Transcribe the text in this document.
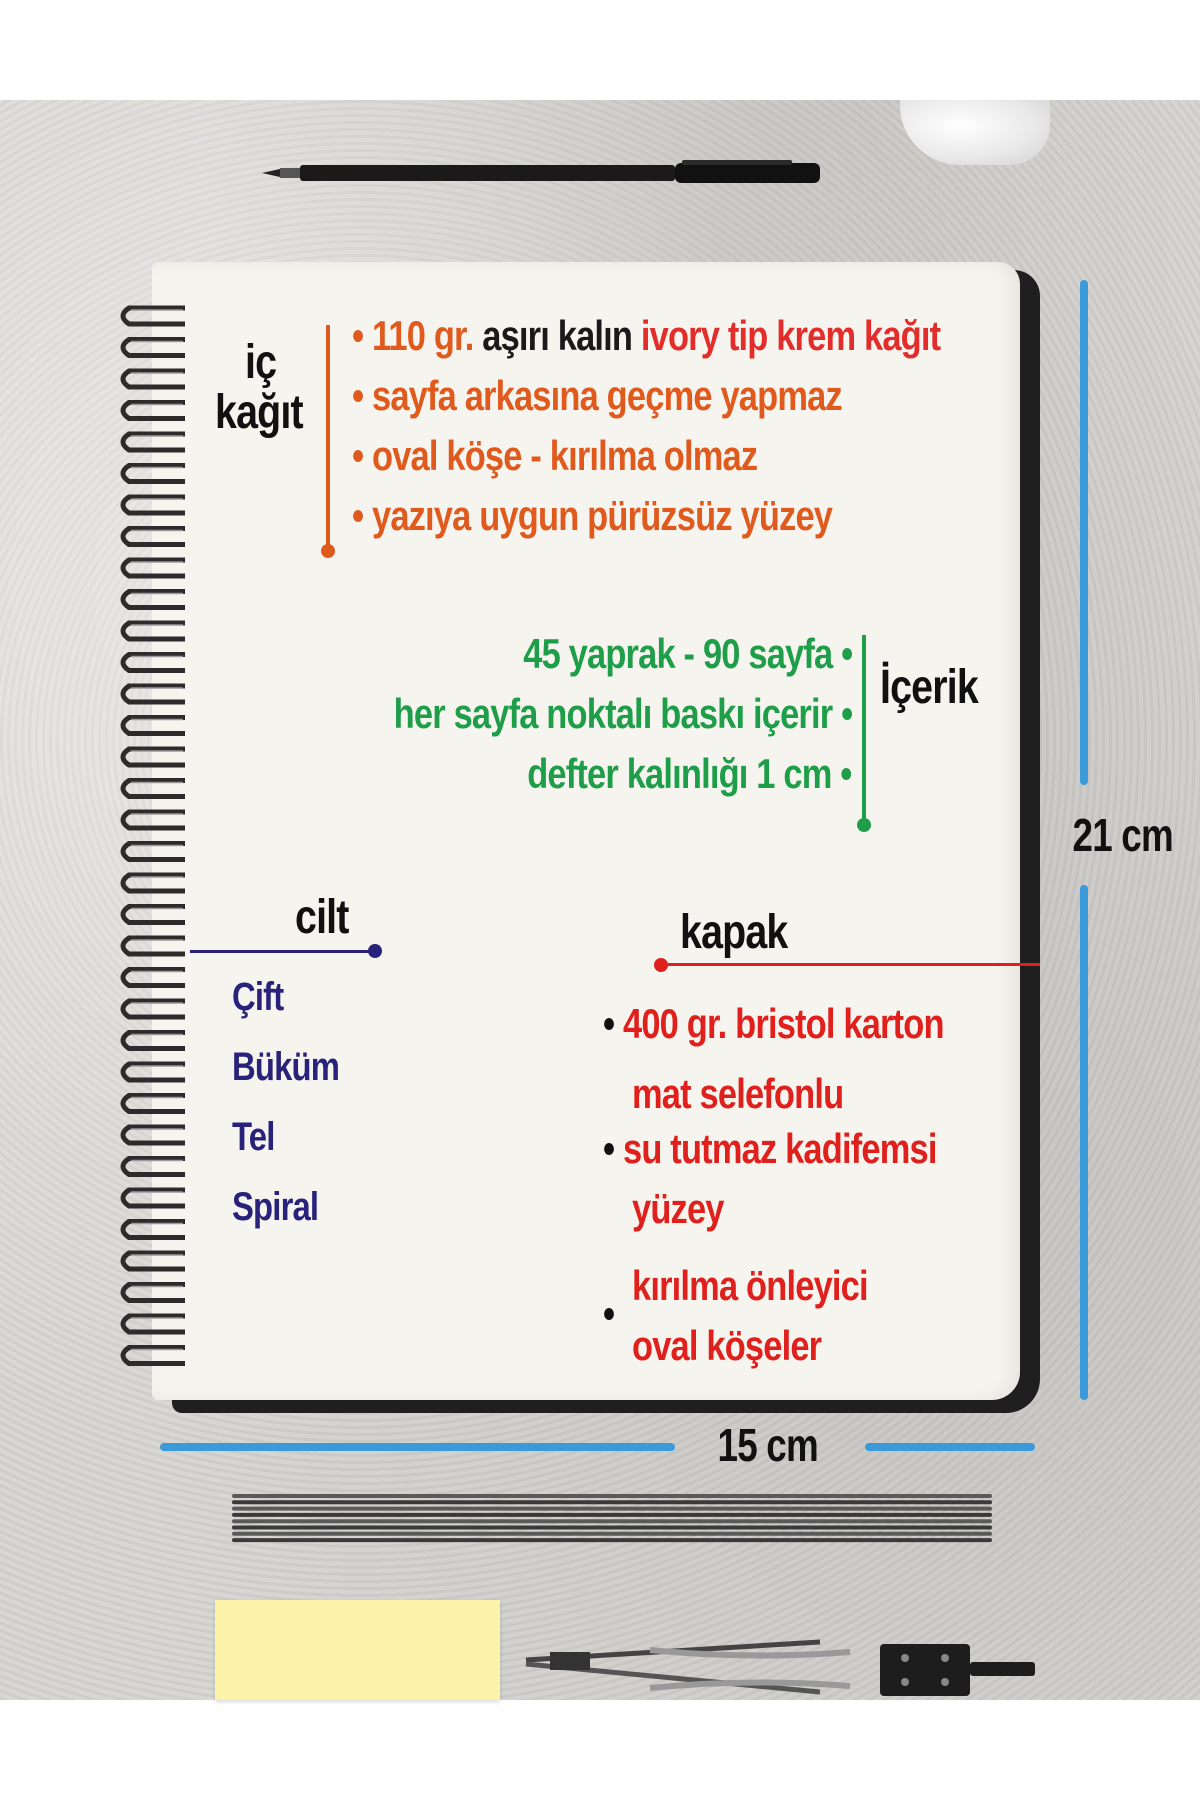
iç
kağıt
• 110 gr. aşırı kalın ivory tip krem kağıt
• sayfa arkasına geçme yapmaz
• oval köşe - kırılma olmaz
• yazıya uygun pürüzsüz yüzey
45 yaprak - 90 sayfa •
her sayfa noktalı baskı içerir •
defter kalınlığı 1 cm •
İçerik
cilt
Çift
Büküm
Tel
Spiral
kapak
• 400 gr. bristol karton
mat selefonlu
• su tutmaz kadifemsi
yüzey
kırılma önleyici
•
oval köşeler
21 cm
15 cm
